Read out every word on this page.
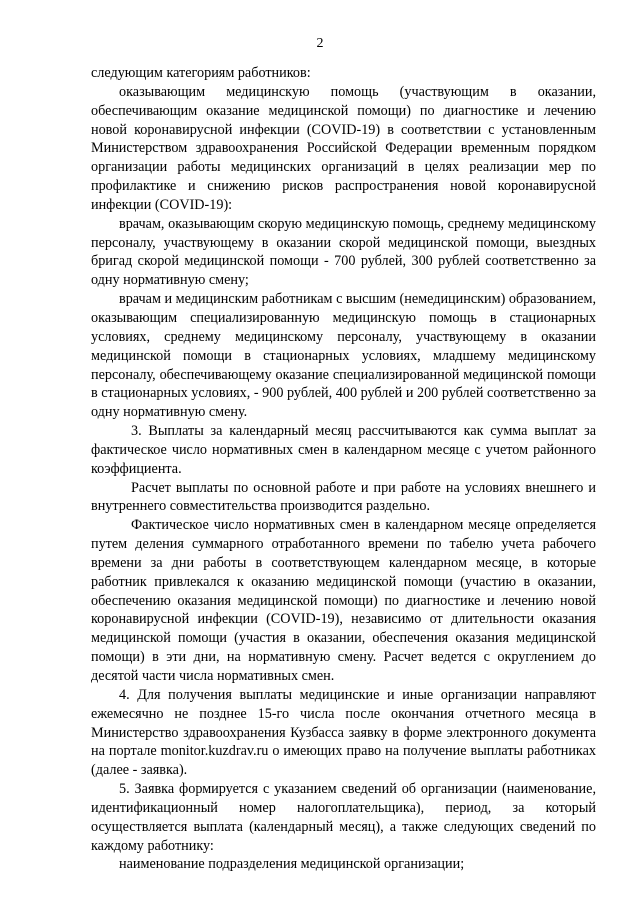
2

следующим категориям работников:

оказывающим медицинскую помощь (участвующим в оказании, обеспечивающим оказание медицинской помощи) по диагностике и лечению новой коронавирусной инфекции (COVID-19) в соответствии с установленным Министерством здравоохранения Российской Федерации временным порядком организации работы медицинских организаций в целях реализации мер по профилактике и снижению рисков распространения новой коронавирусной инфекции (COVID-19):

врачам, оказывающим скорую медицинскую помощь, среднему медицинскому персоналу, участвующему в оказании скорой медицинской помощи, выездных бригад скорой медицинской помощи - 700 рублей, 300 рублей соответственно за одну нормативную смену;

врачам и медицинским работникам с высшим (немедицинским) образованием, оказывающим специализированную медицинскую помощь в стационарных условиях, среднему медицинскому персоналу, участвующему в оказании медицинской помощи в стационарных условиях, младшему медицинскому персоналу, обеспечивающему оказание специализированной медицинской помощи в стационарных условиях, - 900 рублей, 400 рублей и 200 рублей соответственно за одну нормативную смену.

3. Выплаты за календарный месяц рассчитываются как сумма выплат за фактическое число нормативных смен в календарном месяце с учетом районного коэффициента.

Расчет выплаты по основной работе и при работе на условиях внешнего и внутреннего совместительства производится раздельно.

Фактическое число нормативных смен в календарном месяце определяется путем деления суммарного отработанного времени по табелю учета рабочего времени за дни работы в соответствующем календарном месяце, в которые работник привлекался к оказанию медицинской помощи (участию в оказании, обеспечению оказания медицинской помощи) по диагностике и лечению новой коронавирусной инфекции (COVID-19), независимо от длительности оказания медицинской помощи (участия в оказании, обеспечения оказания медицинской помощи) в эти дни, на нормативную смену. Расчет ведется с округлением до десятой части числа нормативных смен.

4. Для получения выплаты медицинские и иные организации направляют ежемесячно не позднее 15-го числа после окончания отчетного месяца в Министерство здравоохранения Кузбасса заявку в форме электронного документа на портале monitor.kuzdrav.ru о имеющих право на получение выплаты работниках (далее - заявка).

5. Заявка формируется с указанием сведений об организации (наименование, идентификационный номер налогоплательщика), период, за который осуществляется выплата (календарный месяц), а также следующих сведений по каждому работнику:

наименование подразделения медицинской организации;
